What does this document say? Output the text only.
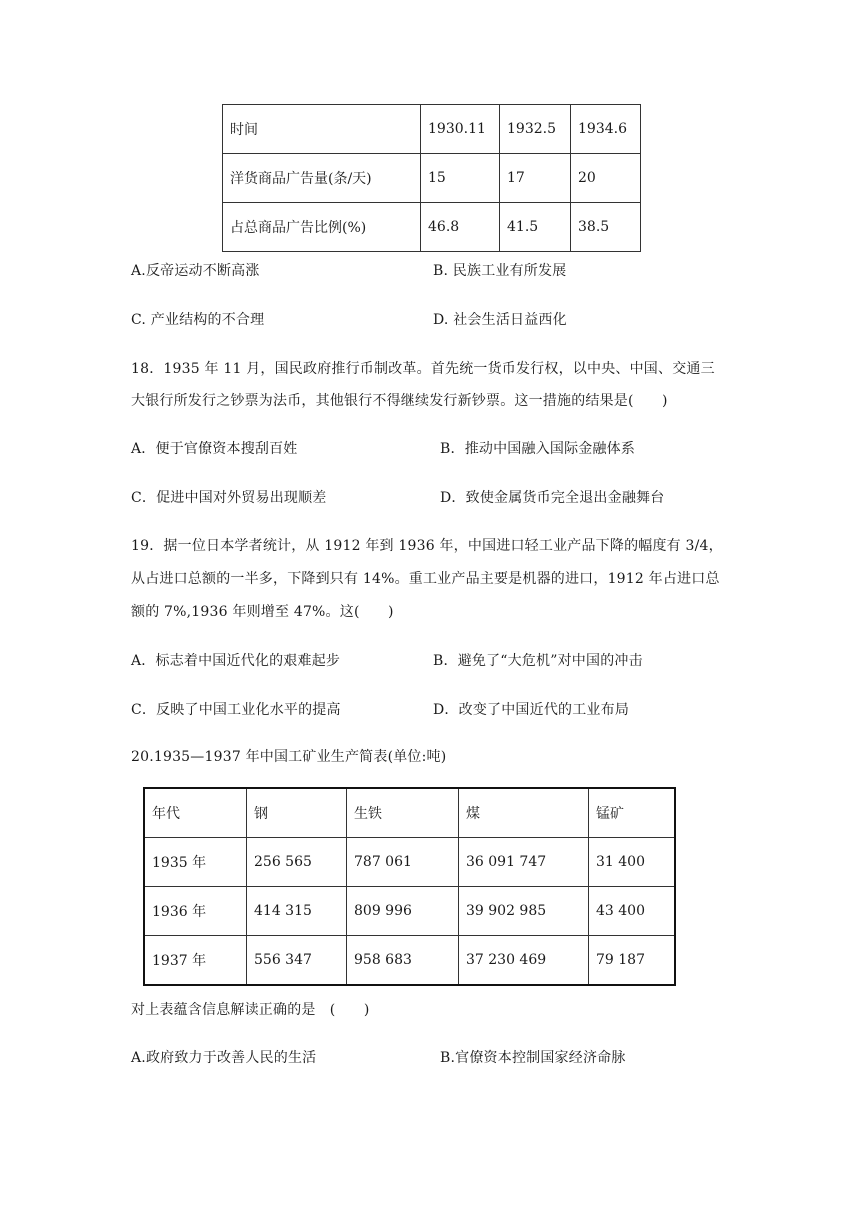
时间	1930.11	1932.5	1934.6
洋货商品广告量(条/天)	15	17	20
占总商品广告比例(%)	46.8	41.5	38.5
A.反帝运动不断高涨	B. 民族工业有所发展
C. 产业结构的不合理	D. 社会生活日益西化
18．1935 年 11 月，国民政府推行币制改革。首先统一货币发行权，以中央、中国、交通三
大银行所发行之钞票为法币，其他银行不得继续发行新钞票。这一措施的结果是(　　)
A．便于官僚资本搜刮百姓	B．推动中国融入国际金融体系
C．促进中国对外贸易出现顺差	D．致使金属货币完全退出金融舞台
19．据一位日本学者统计，从 1912 年到 1936 年，中国进口轻工业产品下降的幅度有 3/4，
从占进口总额的一半多，下降到只有 14%。重工业产品主要是机器的进口，1912 年占进口总
额的 7%,1936 年则增至 47%。这(　　)
A．标志着中国近代化的艰难起步	B．避免了“大危机”对中国的冲击
C．反映了中国工业化水平的提高	D．改变了中国近代的工业布局
20.1935—1937 年中国工矿业生产简表(单位:吨)
年代	钢	生铁	煤	锰矿
1935 年	256 565	787 061	36 091 747	31 400
1936 年	414 315	809 996	39 902 985	43 400
1937 年	556 347	958 683	37 230 469	79 187
对上表蕴含信息解读正确的是　(　　)
A.政府致力于改善人民的生活	B.官僚资本控制国家经济命脉
